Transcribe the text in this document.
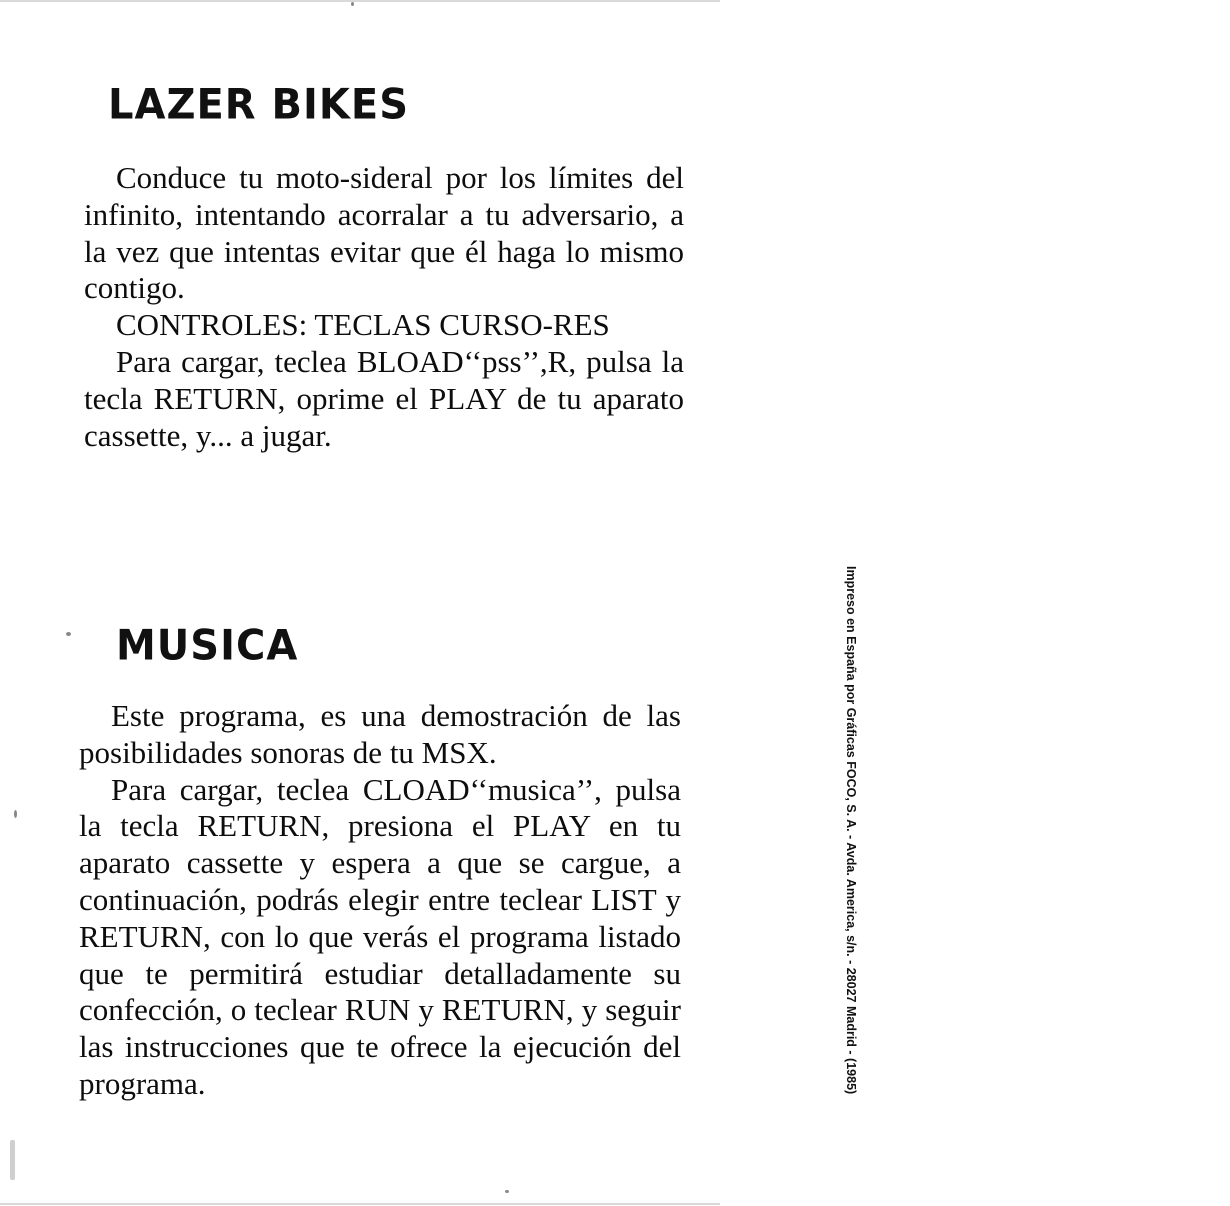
LAZER BIKES

Conduce tu moto-sideral por los límites del infinito, intentando acorralar a tu adversario, a la vez que intentas evitar que él haga lo mismo contigo.

CONTROLES: TECLAS CURSO-RES

Para cargar, teclea BLOAD‘‘pss’’,R, pulsa la tecla RETURN, oprime el PLAY de tu aparato cassette, y... a jugar.

MUSICA

Este programa, es una demostración de las posibilidades sonoras de tu MSX.

Para cargar, teclea CLOAD‘‘musica’’, pulsa la tecla RETURN, presiona el PLAY en tu aparato cassette y espera a que se cargue, a continuación, podrás elegir entre teclear LIST y RETURN, con lo que verás el programa listado que te permitirá estudiar detalladamente su confección, o teclear RUN y RETURN, y seguir las instrucciones que te ofrece la ejecución del programa.	Impreso en España por Gráficas FOCO, S. A. - Avda. America, s/n. - 28027 Madrid - (1985)
